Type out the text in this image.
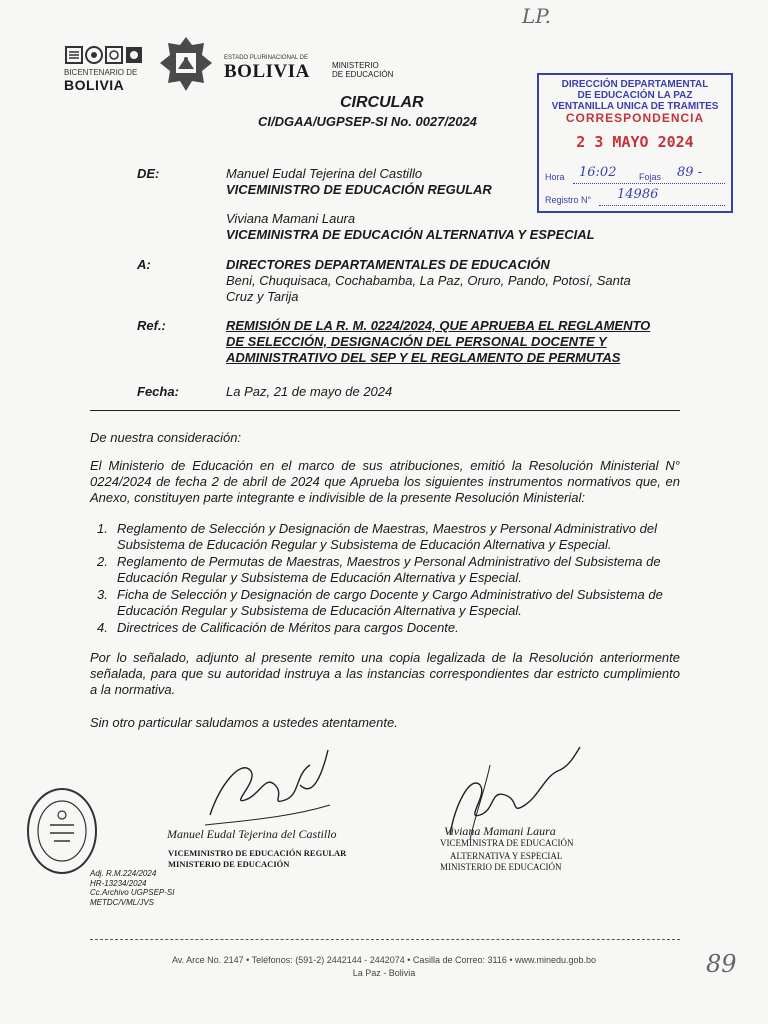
BICENTENARIO DE
BOLIVIA
ESTADO PLURINACIONAL DE
BOLIVIA	MINISTERIO
DE EDUCACIÓN
LP.
CIRCULAR
CI/DGAA/UGPSEP-SI No. 0027/2024
DIRECCIÓN DEPARTAMENTAL
DE EDUCACIÓN LA PAZ
VENTANILLA UNICA DE TRAMITES
CORRESPONDENCIA
2 3 MAYO 2024
Hora 16:02	Fojas 89 -
Registro N° 14986
DE:	Manuel Eudal Tejerina del Castillo
VICEMINISTRO DE EDUCACIÓN REGULAR
Viviana Mamani Laura
VICEMINISTRA DE EDUCACIÓN ALTERNATIVA Y ESPECIAL
A:	DIRECTORES DEPARTAMENTALES DE EDUCACIÓN
Beni, Chuquisaca, Cochabamba, La Paz, Oruro, Pando, Potosí, Santa
Cruz y Tarija
Ref.:	REMISIÓN DE LA R. M. 0224/2024, QUE APRUEBA EL REGLAMENTO
DE SELECCIÓN, DESIGNACIÓN DEL PERSONAL DOCENTE Y
ADMINISTRATIVO DEL SEP Y EL REGLAMENTO DE PERMUTAS
Fecha:	La Paz, 21 de mayo de 2024
De nuestra consideración:
El Ministerio de Educación en el marco de sus atribuciones, emitió la Resolución Ministerial N° 0224/2024 de fecha 2 de abril de 2024 que Aprueba los siguientes instrumentos normativos que, en Anexo, constituyen parte integrante e indivisible de la presente Resolución Ministerial:
1. Reglamento de Selección y Designación de Maestras, Maestros y Personal Administrativo del Subsistema de Educación Regular y Subsistema de Educación Alternativa y Especial.
2. Reglamento de Permutas de Maestras, Maestros y Personal Administrativo del Subsistema de Educación Regular y Subsistema de Educación Alternativa y Especial.
3. Ficha de Selección y Designación de cargo Docente y Cargo Administrativo del Subsistema de Educación Regular y Subsistema de Educación Alternativa y Especial.
4. Directrices de Calificación de Méritos para cargos Docente.
Por lo señalado, adjunto al presente remito una copia legalizada de la Resolución anteriormente señalada, para que su autoridad instruya a las instancias correspondientes dar estricto cumplimiento a la normativa.
Sin otro particular saludamos a ustedes atentamente.
Manuel Eudal Tejerina del Castillo
VICEMINISTRO DE EDUCACIÓN REGULAR
MINISTERIO DE EDUCACIÓN
Viviana Mamani Laura
VICEMINISTRA DE EDUCACIÓN
ALTERNATIVA Y ESPECIAL
MINISTERIO DE EDUCACIÓN
Adj. R.M.224/2024
HR-13234/2024
Cc.Archivo UGPSEP-SI
METDC/VML/JVS
Av. Arce No. 2147 • Teléfonos: (591-2) 2442144 - 2442074 • Casilla de Correo: 3116 • www.minedu.gob.bo
La Paz - Bolivia	89
